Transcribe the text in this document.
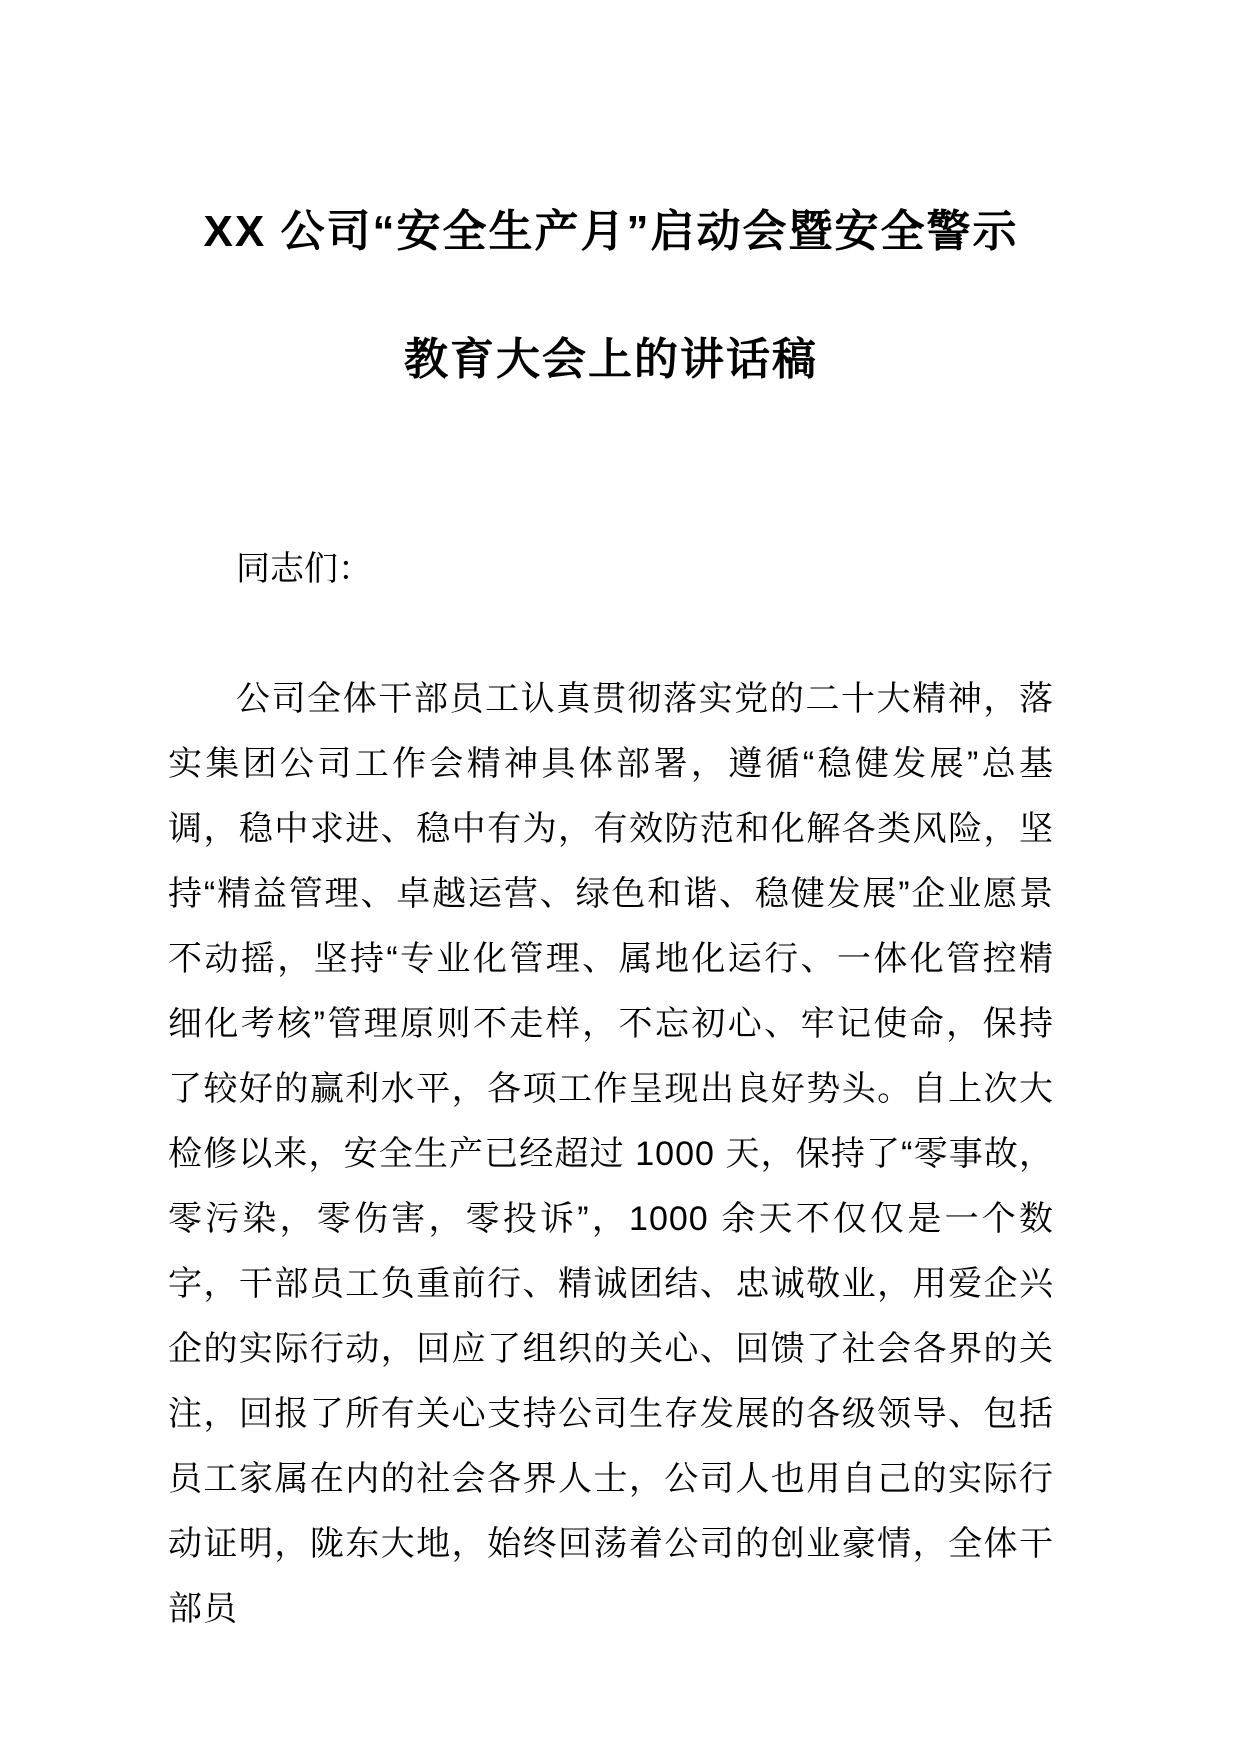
XX 公司“安全生产月”启动会暨安全警示
教育大会上的讲话稿

同志们：

公司全体干部员工认真贯彻落实党的二十大精神，落实集团公司工作会精神具体部署，遵循“稳健发展”总基调，稳中求进、稳中有为，有效防范和化解各类风险，坚持“精益管理、卓越运营、绿色和谐、稳健发展”企业愿景不动摇，坚持“专业化管理、属地化运行、一体化管控精细化考核”管理原则不走样，不忘初心、牢记使命，保持了较好的赢利水平，各项工作呈现出良好势头。自上次大检修以来，安全生产已经超过 1000 天，保持了“零事故，零污染，零伤害，零投诉”，1000 余天不仅仅是一个数字，干部员工负重前行、精诚团结、忠诚敬业，用爱企兴企的实际行动，回应了组织的关心、回馈了社会各界的关注，回报了所有关心支持公司生存发展的各级领导、包括员工家属在内的社会各界人士，公司人也用自己的实际行动证明，陇东大地，始终回荡着公司的创业豪情，全体干部员
